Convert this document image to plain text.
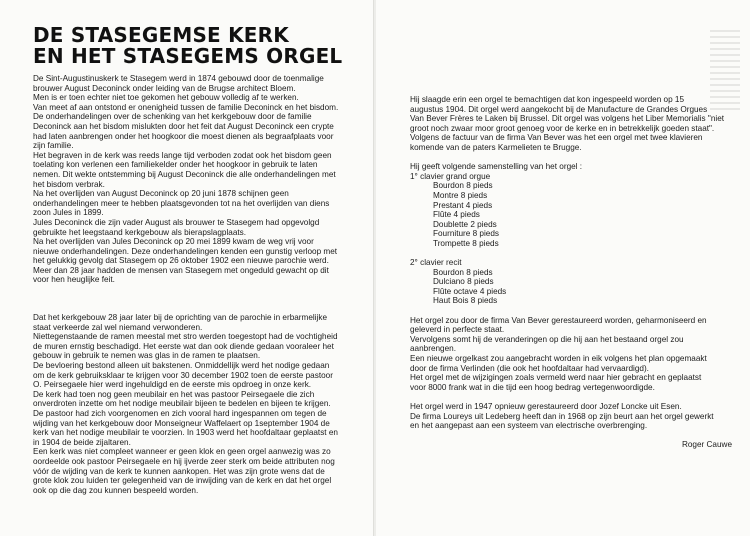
DE STASEGEMSE KERK
EN HET STASEGEMS ORGEL

De Sint-Augustinuskerk te Stasegem werd in 1874 gebouwd door de toenmalige

brouwer August Deconinck onder leiding van de Brugse architect Bloem.

Men is er toen echter niet toe gekomen het gebouw volledig af te werken.

Van meet af aan ontstond er onenigheid tussen de familie Deconinck en het bisdom.

De onderhandelingen over de schenking van het kerkgebouw door de familie

Deconinck aan het bisdom mislukten door het feit dat August Deconinck een crypte

had laten aanbrengen onder het hoogkoor die moest dienen als begraafplaats voor

zijn familie.

Het begraven in de kerk was reeds lange tijd verboden zodat ook het bisdom geen

toelating kon verlenen een familiekelder onder het hoogkoor in gebruik te laten

nemen. Dit wekte ontstemming bij August Deconinck die alle onderhandelingen met

het bisdom verbrak.

Na het overlijden van August Deconinck op 20 juni 1878 schijnen geen

onderhandelingen meer te hebben plaatsgevonden tot na het overlijden van diens

zoon Jules in 1899.

Jules Deconinck die zijn vader August als brouwer te Stasegem had opgevolgd

gebruikte het leegstaand kerkgebouw als bierapslagplaats.

Na het overlijden van Jules Deconinck op 20 mei 1899 kwam de weg vrij voor

nieuwe onderhandelingen. Deze onderhandelingen kenden een gunstig verloop met

het gelukkig gevolg dat Stasegem op 26 oktober 1902 een nieuwe parochie werd.

Meer dan 28 jaar hadden de mensen van Stasegem met ongeduld gewacht op dit

voor hen heuglijke feit.

Dat het kerkgebouw 28 jaar later bij de oprichting van de parochie in erbarmelijke

staat verkeerde zal wel niemand verwonderen.

Niettegenstaande de ramen meestal met stro werden toegestopt had de vochtigheid

de muren ernstig beschadigd. Het eerste wat dan ook diende gedaan vooraleer het

gebouw in gebruik te nemen was glas in de ramen te plaatsen.

De bevloering bestond alleen uit bakstenen. Onmiddellijk werd het nodige gedaan

om de kerk gebruiksklaar te krijgen voor 30 december 1902 toen de eerste pastoor

O. Peirsegaele hier werd ingehuldigd en de eerste mis opdroeg in onze kerk.

De kerk had toen nog geen meubilair en het was pastoor Peirsegaele die zich

onverdroten inzette om het nodige meubilair bijeen te bedelen en bijeen te krijgen.

De pastoor had zich voorgenomen en zich vooral hard ingespannen om tegen de

wijding van het kerkgebouw door Monseigneur Waffelaert op 1september 1904 de

kerk van het nodige meubilair te voorzien. In 1903 werd het hoofdaltaar geplaatst en

in 1904 de beide zijaltaren.

Een kerk was niet compleet wanneer er geen klok en geen orgel aanwezig was zo

oordeelde ook pastoor Peirsegaele en hij ijverde zeer sterk om beide attributen nog

vóór de wijding van de kerk te kunnen aankopen. Het was zijn grote wens dat de

grote klok zou luiden ter gelegenheid van de inwijding van de kerk en dat het orgel

ook op die dag zou kunnen bespeeld worden.

Hij slaagde erin een orgel te bemachtigen dat kon ingespeeld worden op 15

augustus 1904. Dit orgel werd aangekocht bij de Manufacture de Grandes Orgues

Van Bever Frères te Laken bij Brussel. Dit orgel was volgens het Liber Memorialis "niet

groot noch zwaar moor groot genoeg voor de kerke en in betrekkelijk goeden staat".

Volgens de factuur van de firma Van Bever was het een orgel met twee klavieren

komende van de paters Karmelieten te Brugge.

Hij geeft volgende samenstelling van het orgel :

1° clavier grand orgue

Bourdon 8 pieds

Montre 8 pieds

Prestant 4 pieds

Flûte 4 pieds

Doublette 2 pieds

Fourniture 8 pieds

Trompette 8 pieds

2° clavier recit

Bourdon 8 pieds

Dulciano 8 pieds

Flûte octave 4 pieds

Haut Bois 8 pieds

Het orgel zou door de firma Van Bever gerestaureerd worden, geharmoniseerd en

geleverd in perfecte staat.

Vervolgens somt hij de veranderingen op die hij aan het bestaand orgel zou

aanbrengen.

Een nieuwe orgelkast zou aangebracht worden in eik volgens het plan opgemaakt

door de firma Verlinden (die ook het hoofdaltaar had vervaardigd).

Het orgel met de wijzigingen zoals vermeld werd naar hier gebracht en geplaatst

voor 8000 frank wat in die tijd een hoog bedrag vertegenwoordigde.

Het orgel werd in 1947 opnieuw gerestaureerd door Jozef Loncke uit Esen.

De firma Loureys uit Ledeberg heeft dan in 1968 op zijn beurt aan het orgel gewerkt

en het aangepast aan een systeem van electrische overbrenging.

Roger Cauwe
